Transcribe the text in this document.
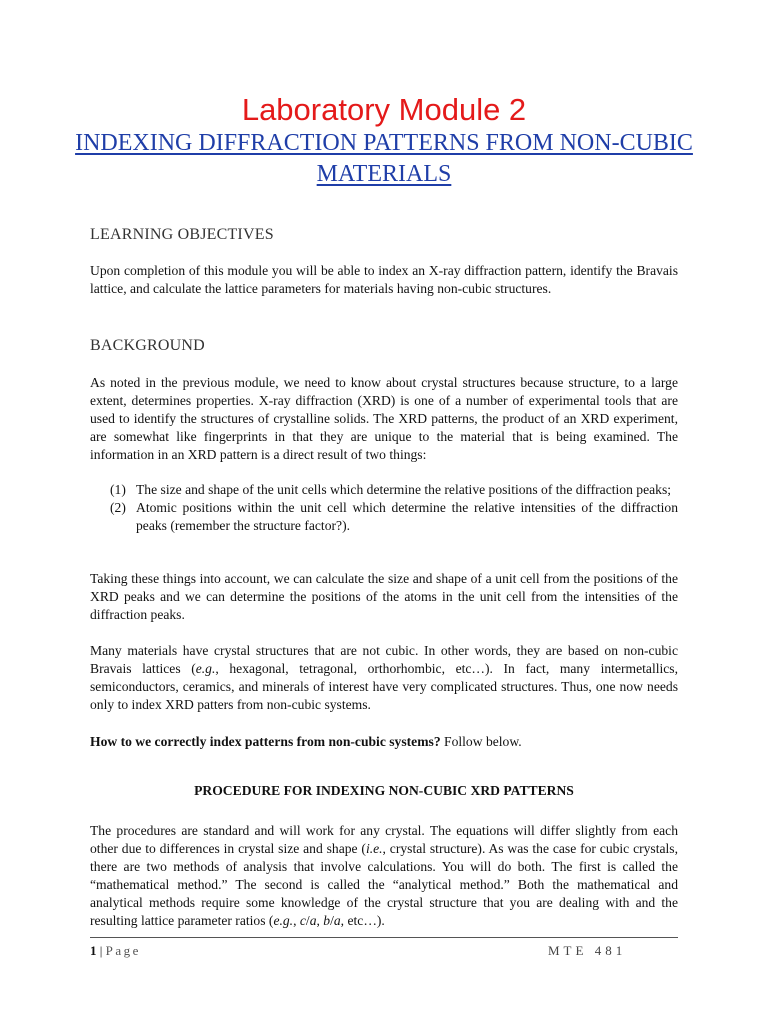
Laboratory Module 2
INDEXING DIFFRACTION PATTERNS FROM NON-CUBIC MATERIALS
LEARNING OBJECTIVES
Upon completion of this module you will be able to index an X-ray diffraction pattern, identify the Bravais lattice, and calculate the lattice parameters for materials having non-cubic structures.
BACKGROUND
As noted in the previous module, we need to know about crystal structures because structure, to a large extent, determines properties. X-ray diffraction (XRD) is one of a number of experimental tools that are used to identify the structures of crystalline solids. The XRD patterns, the product of an XRD experiment, are somewhat like fingerprints in that they are unique to the material that is being examined. The information in an XRD pattern is a direct result of two things:
(1) The size and shape of the unit cells which determine the relative positions of the diffraction peaks;
(2) Atomic positions within the unit cell which determine the relative intensities of the diffraction peaks (remember the structure factor?).
Taking these things into account, we can calculate the size and shape of a unit cell from the positions of the XRD peaks and we can determine the positions of the atoms in the unit cell from the intensities of the diffraction peaks.
Many materials have crystal structures that are not cubic. In other words, they are based on non-cubic Bravais lattices (e.g., hexagonal, tetragonal, orthorhombic, etc…). In fact, many intermetallics, semiconductors, ceramics, and minerals of interest have very complicated structures. Thus, one now needs only to index XRD patters from non-cubic systems.
How to we correctly index patterns from non-cubic systems? Follow below.
PROCEDURE FOR INDEXING NON-CUBIC XRD PATTERNS
The procedures are standard and will work for any crystal. The equations will differ slightly from each other due to differences in crystal size and shape (i.e., crystal structure). As was the case for cubic crystals, there are two methods of analysis that involve calculations. You will do both. The first is called the “mathematical method.” The second is called the “analytical method.” Both the mathematical and analytical methods require some knowledge of the crystal structure that you are dealing with and the resulting lattice parameter ratios (e.g., c/a, b/a, etc…).
1 | Page	MTE 481
